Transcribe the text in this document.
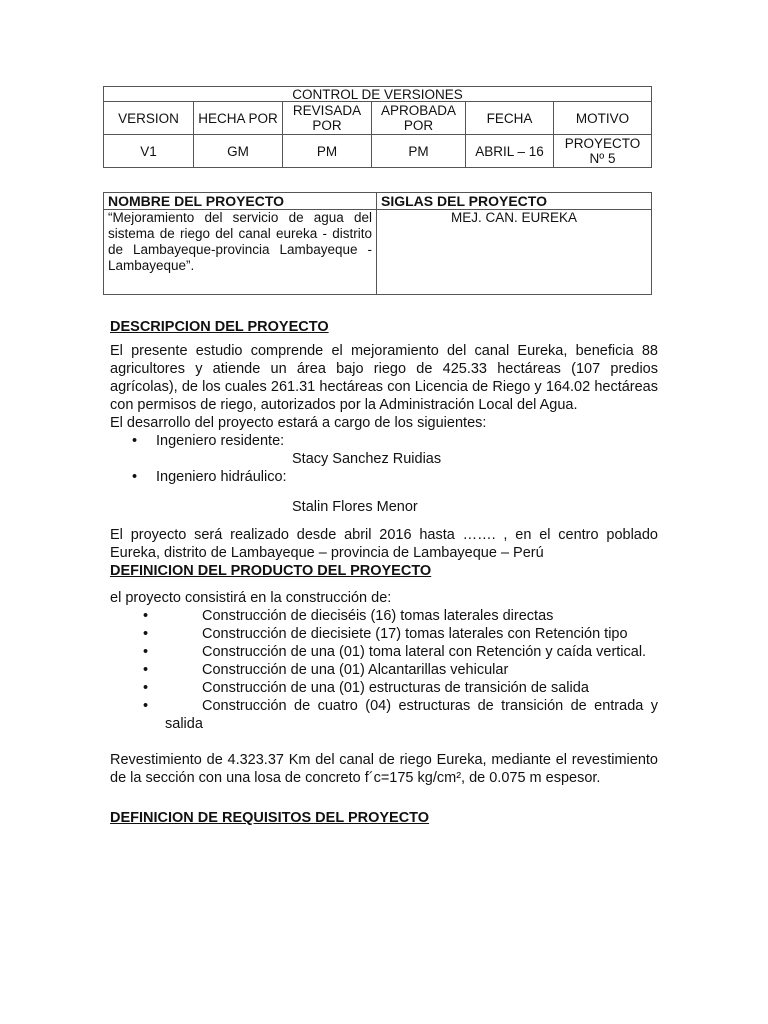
CONTROL DE VERSIONES					
VERSION	HECHA POR	REVISADA POR	APROBADA POR	FECHA	MOTIVO
V1	GM	PM	PM	ABRIL – 16	PROYECTO Nº 5
NOMBRE DEL PROYECTO	SIGLAS DEL PROYECTO
“Mejoramiento del servicio de agua del sistema de riego del canal eureka - distrito de Lambayeque-provincia Lambayeque - Lambayeque”.	MEJ. CAN. EUREKA
DESCRIPCION DEL PROYECTO

El presente estudio comprende el mejoramiento del canal Eureka, beneficia 88 agricultores y atiende un área bajo riego de 425.33 hectáreas (107 predios agrícolas), de los cuales 261.31 hectáreas con Licencia de Riego y 164.02 hectáreas con permisos de riego, autorizados por la Administración Local del Agua.

El desarrollo del proyecto estará a cargo de los siguientes:

• Ingeniero residente:
Stacy Sanchez Ruidias
• Ingeniero hidráulico:
Stalin Flores Menor

El proyecto será realizado desde abril 2016 hasta ……. , en el centro poblado Eureka, distrito de Lambayeque – provincia de Lambayeque – Perú

DEFINICION DEL PRODUCTO DEL PROYECTO

el proyecto consistirá en la construcción de:

•	Construcción de dieciséis (16) tomas laterales directas
•	Construcción de diecisiete (17) tomas laterales con Retención tipo
•	Construcción de una (01) toma lateral con Retención y caída vertical.
•	Construcción de una (01) Alcantarillas vehicular
•	Construcción de una (01) estructuras de transición de salida
•	Construcción de cuatro (04) estructuras de transición de entrada y salida

Revestimiento de 4.323.37 Km del canal de riego Eureka, mediante el revestimiento de la sección con una losa de concreto f´c=175 kg/cm², de 0.075 m espesor.

DEFINICION DE REQUISITOS DEL PROYECTO
